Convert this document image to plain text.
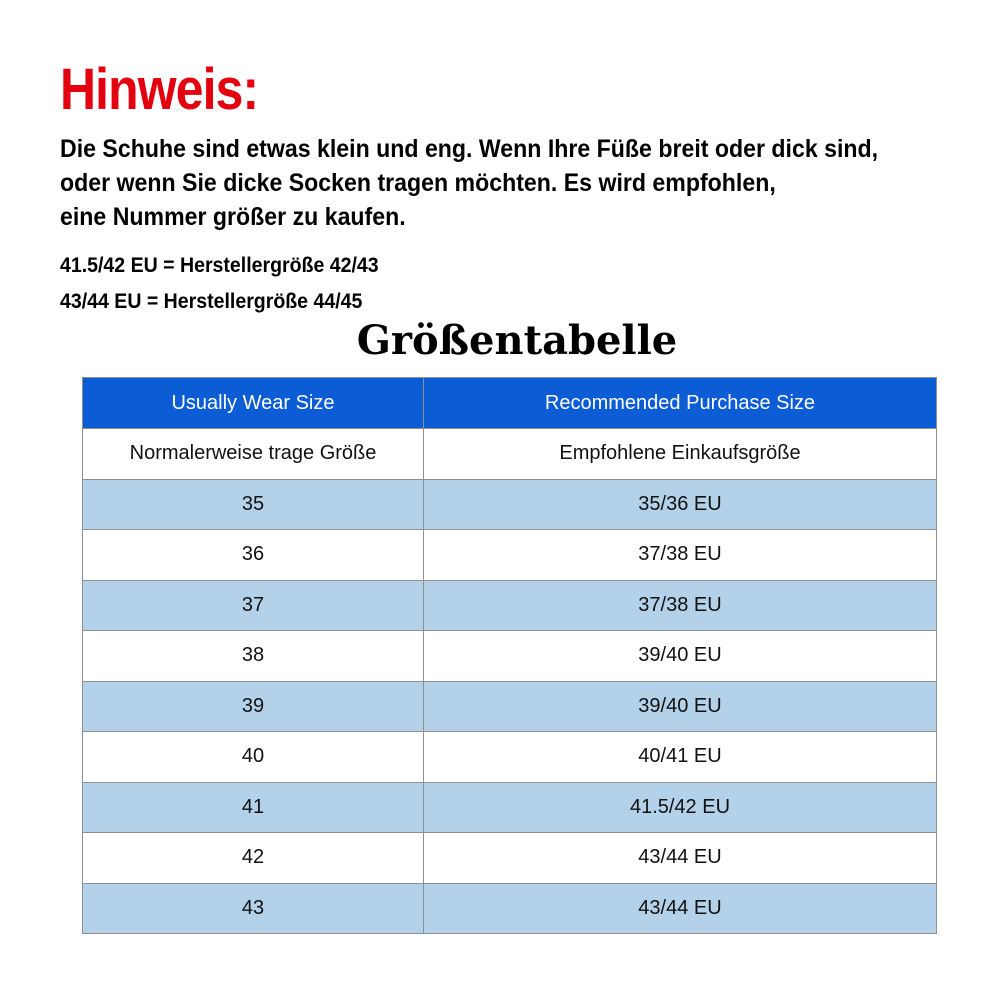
Hinweis:

Die Schuhe sind etwas klein und eng. Wenn Ihre Füße breit oder dick sind,
oder wenn Sie dicke Socken tragen möchten. Es wird empfohlen,
eine Nummer größer zu kaufen.

41.5/42 EU = Herstellergröße 42/43

43/44 EU = Herstellergröße 44/45

Größentabelle
Usually Wear Size	Recommended Purchase Size
Normalerweise trage Größe	Empfohlene Einkaufsgröße
35	35/36 EU
36	37/38 EU
37	37/38 EU
38	39/40 EU
39	39/40 EU
40	40/41 EU
41	41.5/42 EU
42	43/44 EU
43	43/44 EU
